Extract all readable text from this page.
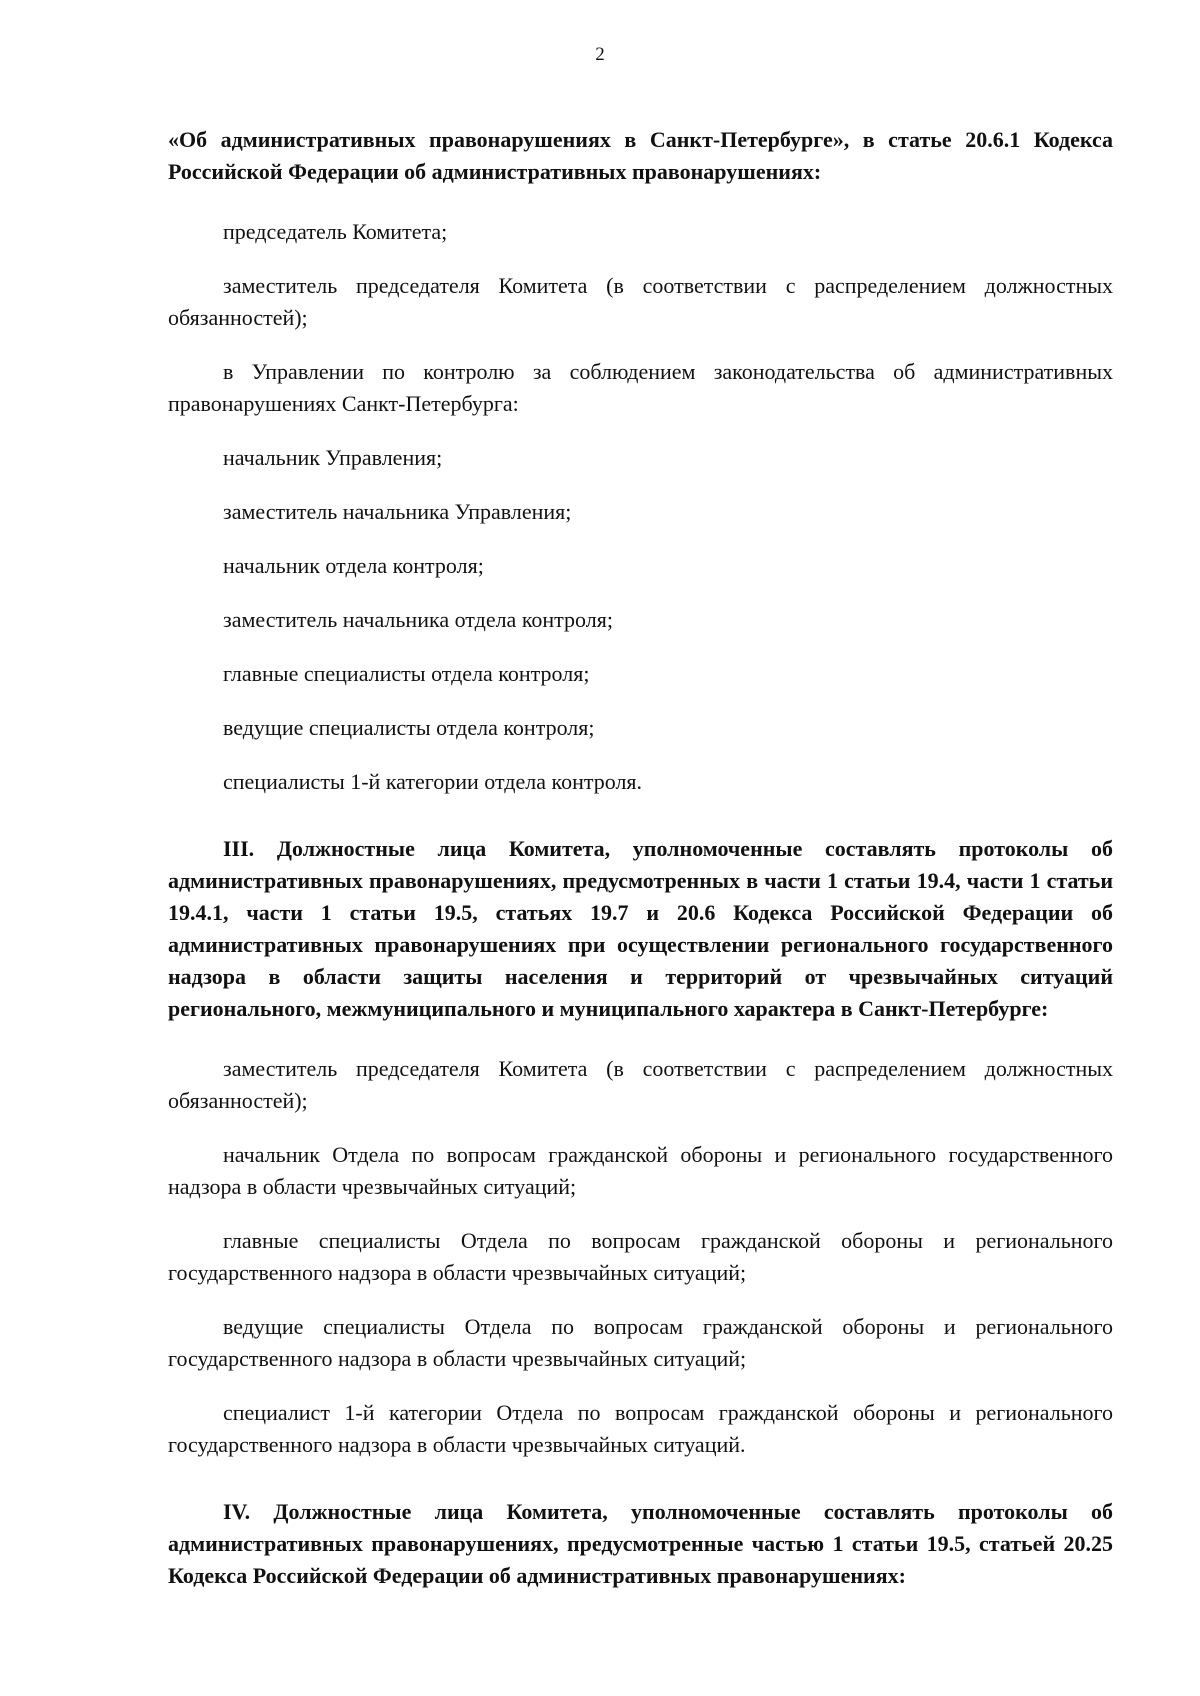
2

«Об административных правонарушениях в Санкт-Петербурге», в статье 20.6.1 Кодекса Российской Федерации об административных правонарушениях:

председатель Комитета;

заместитель председателя Комитета (в соответствии с распределением должностных обязанностей);

в Управлении по контролю за соблюдением законодательства об административных правонарушениях Санкт-Петербурга:

начальник Управления;

заместитель начальника Управления;

начальник отдела контроля;

заместитель начальника отдела контроля;

главные специалисты отдела контроля;

ведущие специалисты отдела контроля;

специалисты 1-й категории отдела контроля.

III. Должностные лица Комитета, уполномоченные составлять протоколы об административных правонарушениях, предусмотренных в части 1 статьи 19.4, части 1 статьи 19.4.1, части 1 статьи 19.5, статьях 19.7 и 20.6 Кодекса Российской Федерации об административных правонарушениях при осуществлении регионального государственного надзора в области защиты населения и территорий от чрезвычайных ситуаций регионального, межмуниципального и муниципального характера в Санкт-Петербурге:

заместитель председателя Комитета (в соответствии с распределением должностных обязанностей);

начальник Отдела по вопросам гражданской обороны и регионального государственного надзора в области чрезвычайных ситуаций;

главные специалисты Отдела по вопросам гражданской обороны и регионального государственного надзора в области чрезвычайных ситуаций;

ведущие специалисты Отдела по вопросам гражданской обороны и регионального государственного надзора в области чрезвычайных ситуаций;

специалист 1-й категории Отдела по вопросам гражданской обороны и регионального государственного надзора в области чрезвычайных ситуаций.

IV. Должностные лица Комитета, уполномоченные составлять протоколы об административных правонарушениях, предусмотренные частью 1 статьи 19.5, статьей 20.25 Кодекса Российской Федерации об административных правонарушениях:
